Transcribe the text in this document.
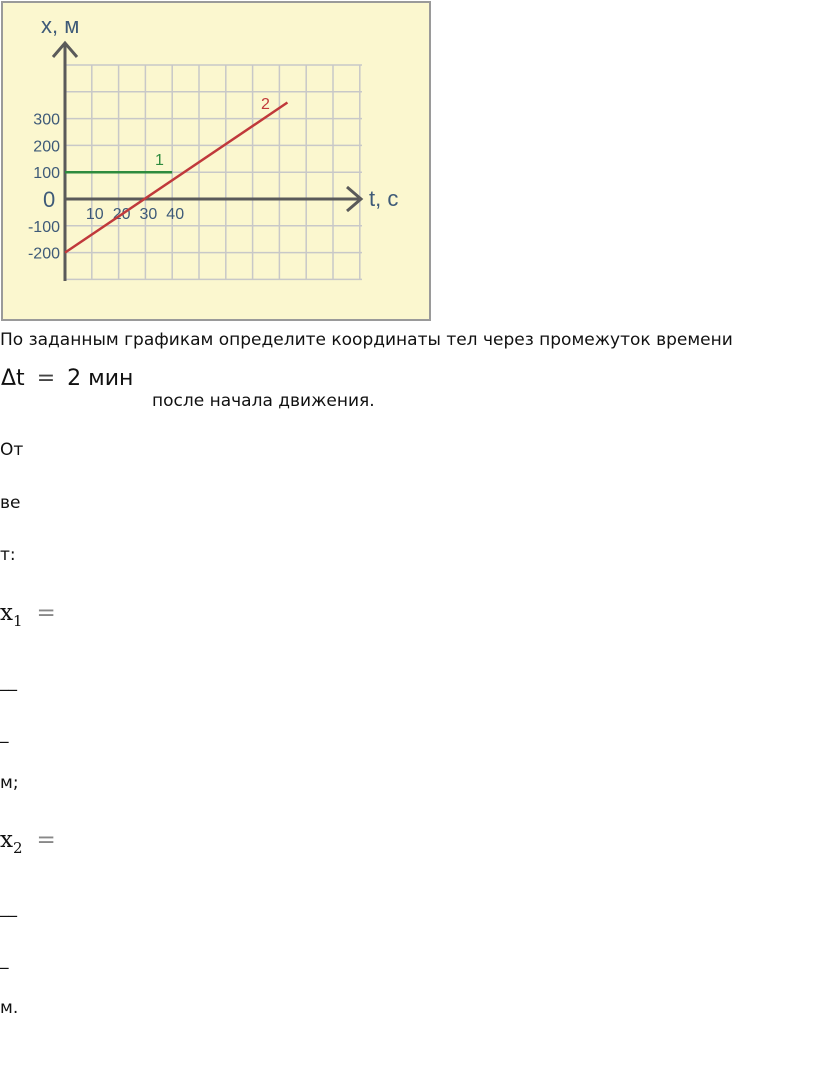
x, м
t, с
300
200
100
0
-100
-200
10 20 30 40
1
2
По заданным графикам определите координаты тел через промежуток времени
Δt = 2 мин
после начала движения.
От
ве
т:
$x_1$ =
__
_
м;
$x_2$ =
__
_
м.
